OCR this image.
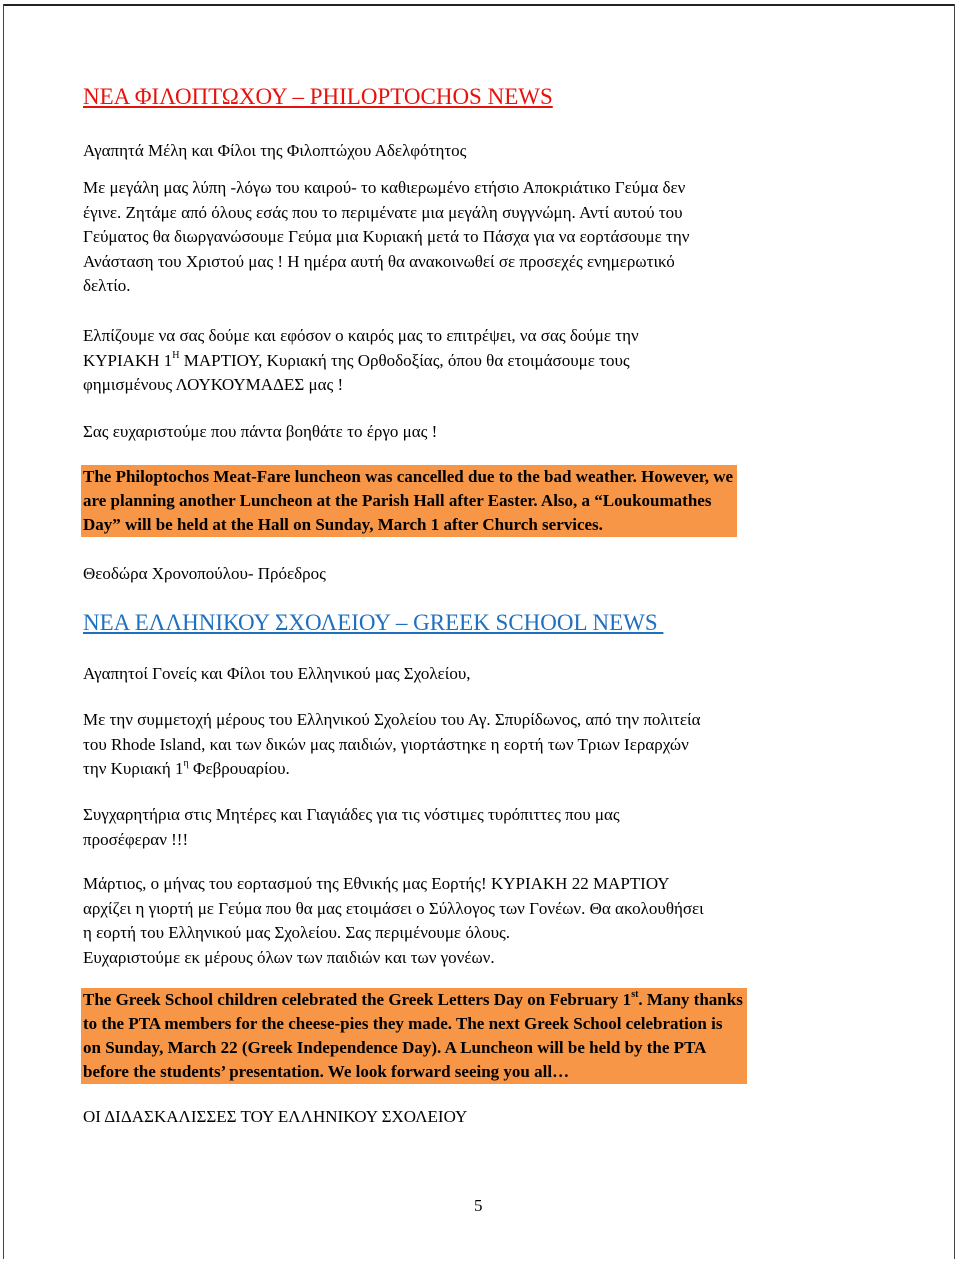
ΝΕΑ ΦΙΛΟΠΤΩΧΟΥ – PHILOPTOCHOS NEWS
Αγαπητά Μέλη και Φίλοι της Φιλοπτώχου Αδελφότητος
Με μεγάλη μας λύπη -λόγω του καιρού- το καθιερωμένο ετήσιο Αποκριάτικο Γεύμα δεν
έγινε. Ζητάμε από όλους εσάς που το περιμένατε μια μεγάλη συγγνώμη. Αντί αυτού του
Γεύματος θα διωργανώσουμε Γεύμα μια Κυριακή μετά το Πάσχα για να εορτάσουμε την
Ανάσταση του Χριστού μας ! Η ημέρα αυτή θα ανακοινωθεί σε προσεχές ενημερωτικό
δελτίο.
Ελπίζουμε να σας δούμε και εφόσον ο καιρός μας το επιτρέψει, να σας δούμε την
ΚΥΡΙΑΚΗ $1^H$ ΜΑΡΤΙΟΥ, Κυριακή της Ορθοδοξίας, όπου θα ετοιμάσουμε τους
φημισμένους ΛΟΥΚΟΥΜΑΔΕΣ μας !
Σας ευχαριστούμε που πάντα βοηθάτε το έργο μας !
The Philoptochos Meat-Fare luncheon was cancelled due to the bad weather. However, we
are planning another Luncheon at the Parish Hall after Easter. Also, a “Loukoumathes
Day” will be held at the Hall on Sunday, March 1 after Church services.
Θεοδώρα Χρονοπούλου- Πρόεδρος
ΝΕΑ ΕΛΛΗΝΙΚΟΥ ΣΧΟΛΕΙΟΥ – GREEK SCHOOL NEWS
Αγαπητοί Γονείς και Φίλοι του Ελληνικού μας Σχολείου,
Με την συμμετοχή μέρους του Ελληνικού Σχολείου του Αγ. Σπυρίδωνος, από την πολιτεία
του Rhode Island, και των δικών μας παιδιών, γιορτάστηκε η εορτή των Τριων Ιεραρχών
την Κυριακή $1^\eta$ Φεβρουαρίου.
Συγχαρητήρια στις Μητέρες και Γιαγιάδες για τις νόστιμες τυρόπιττες που μας
προσέφεραν !!!
Μάρτιος, ο μήνας του εορτασμού της Εθνικής μας Εορτής! ΚΥΡΙΑΚΗ 22 ΜΑΡΤΙΟΥ
αρχίζει η γιορτή με Γεύμα που θα μας ετοιμάσει ο Σύλλογος των Γονέων. Θα ακολουθήσει
η εορτή του Ελληνικού μας Σχολείου. Σας περιμένουμε όλους.
Ευχαριστούμε εκ μέρους όλων των παιδιών και των γονέων.
The Greek School children celebrated the Greek Letters Day on February 1st. Many thanks
to the PTA members for the cheese-pies they made. The next Greek School celebration is
on Sunday, March 22 (Greek Independence Day). A Luncheon will be held by the PTA
before the students’ presentation. We look forward seeing you all…
ΟΙ ΔΙΔΑΣΚΑΛΙΣΣΕΣ ΤΟΥ ΕΛΛΗΝΙΚΟΥ ΣΧΟΛΕΙΟΥ
5
